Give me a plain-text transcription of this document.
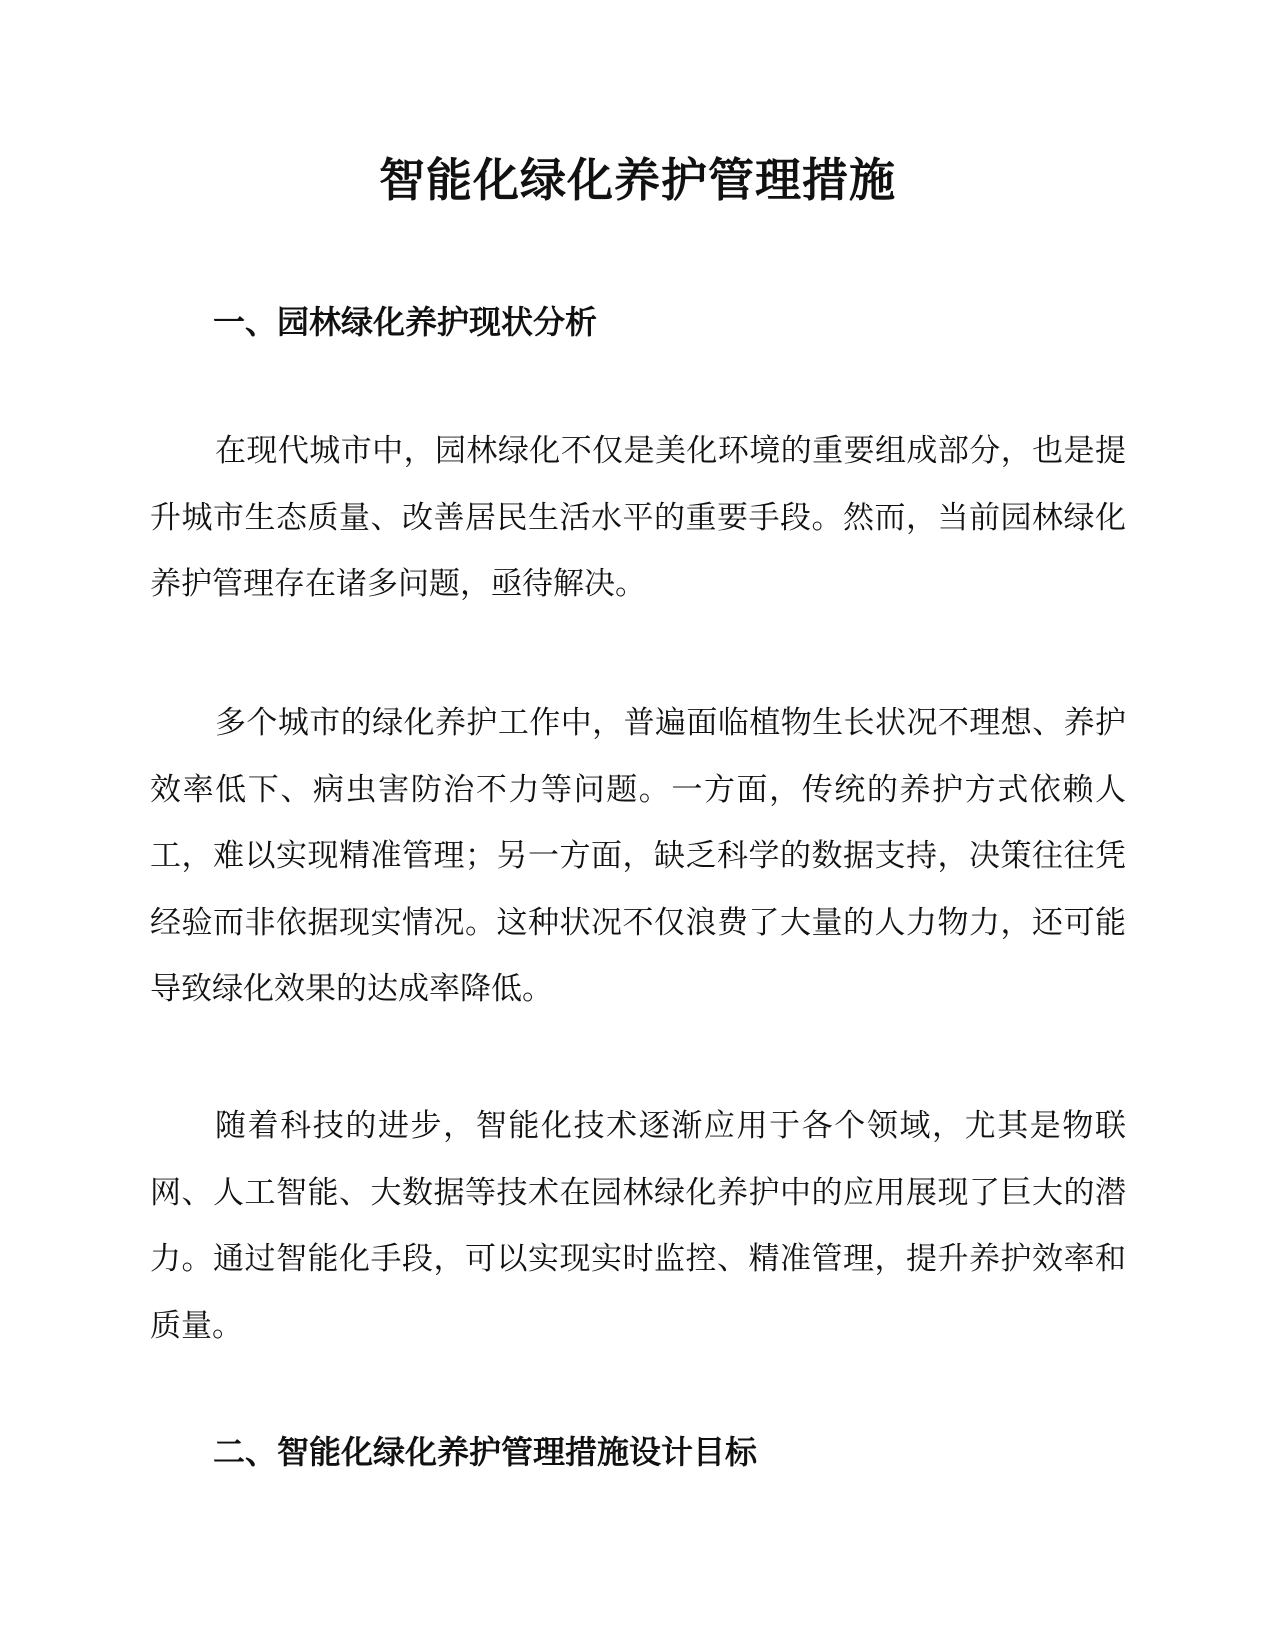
智能化绿化养护管理措施
一、园林绿化养护现状分析

在现代城市中，园林绿化不仅是美化环境的重要组成部分，也是提升城市生态质量、改善居民生活水平的重要手段。然而，当前园林绿化养护管理存在诸多问题，亟待解决。

多个城市的绿化养护工作中，普遍面临植物生长状况不理想、养护效率低下、病虫害防治不力等问题。一方面，传统的养护方式依赖人工，难以实现精准管理；另一方面，缺乏科学的数据支持，决策往往凭经验而非依据现实情况。这种状况不仅浪费了大量的人力物力，还可能导致绿化效果的达成率降低。

随着科技的进步，智能化技术逐渐应用于各个领域，尤其是物联网、人工智能、大数据等技术在园林绿化养护中的应用展现了巨大的潜力。通过智能化手段，可以实现实时监控、精准管理，提升养护效率和质量。

二、智能化绿化养护管理措施设计目标
